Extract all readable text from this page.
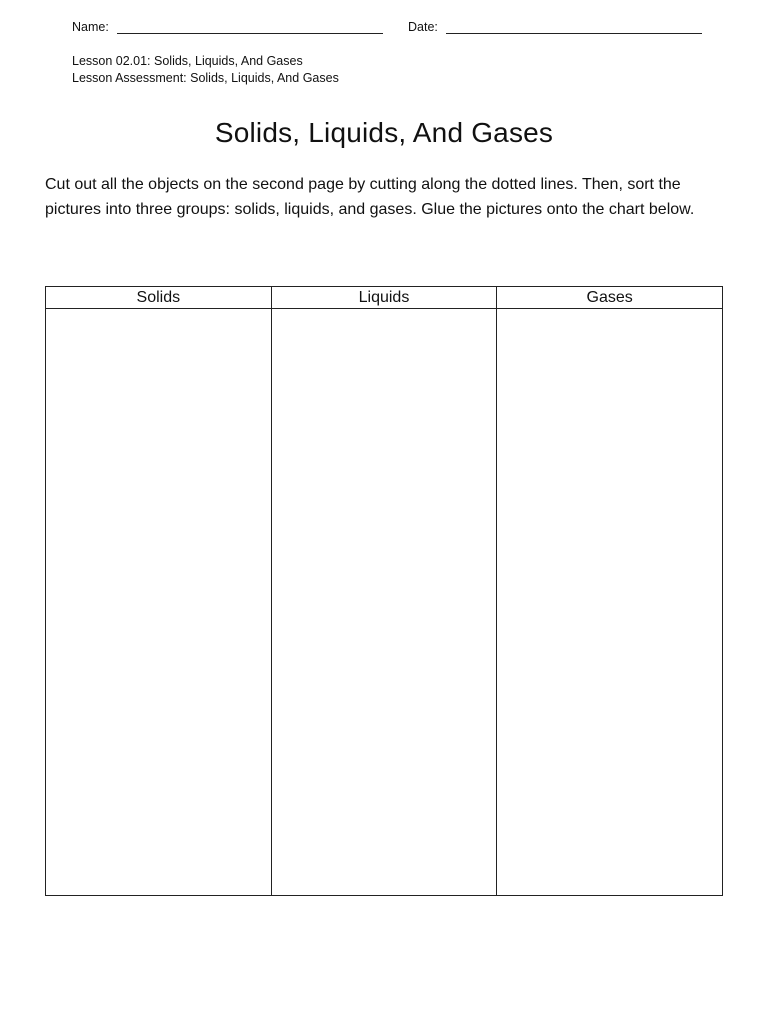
Name:	Date:
Lesson 02.01: Solids, Liquids, And Gases
Lesson Assessment: Solids, Liquids, And Gases
Solids, Liquids, And Gases

Cut out all the objects on the second page by cutting along the dotted lines. Then, sort the pictures into three groups: solids, liquids, and gases. Glue the pictures onto the chart below.

Solids	Liquids	Gases
